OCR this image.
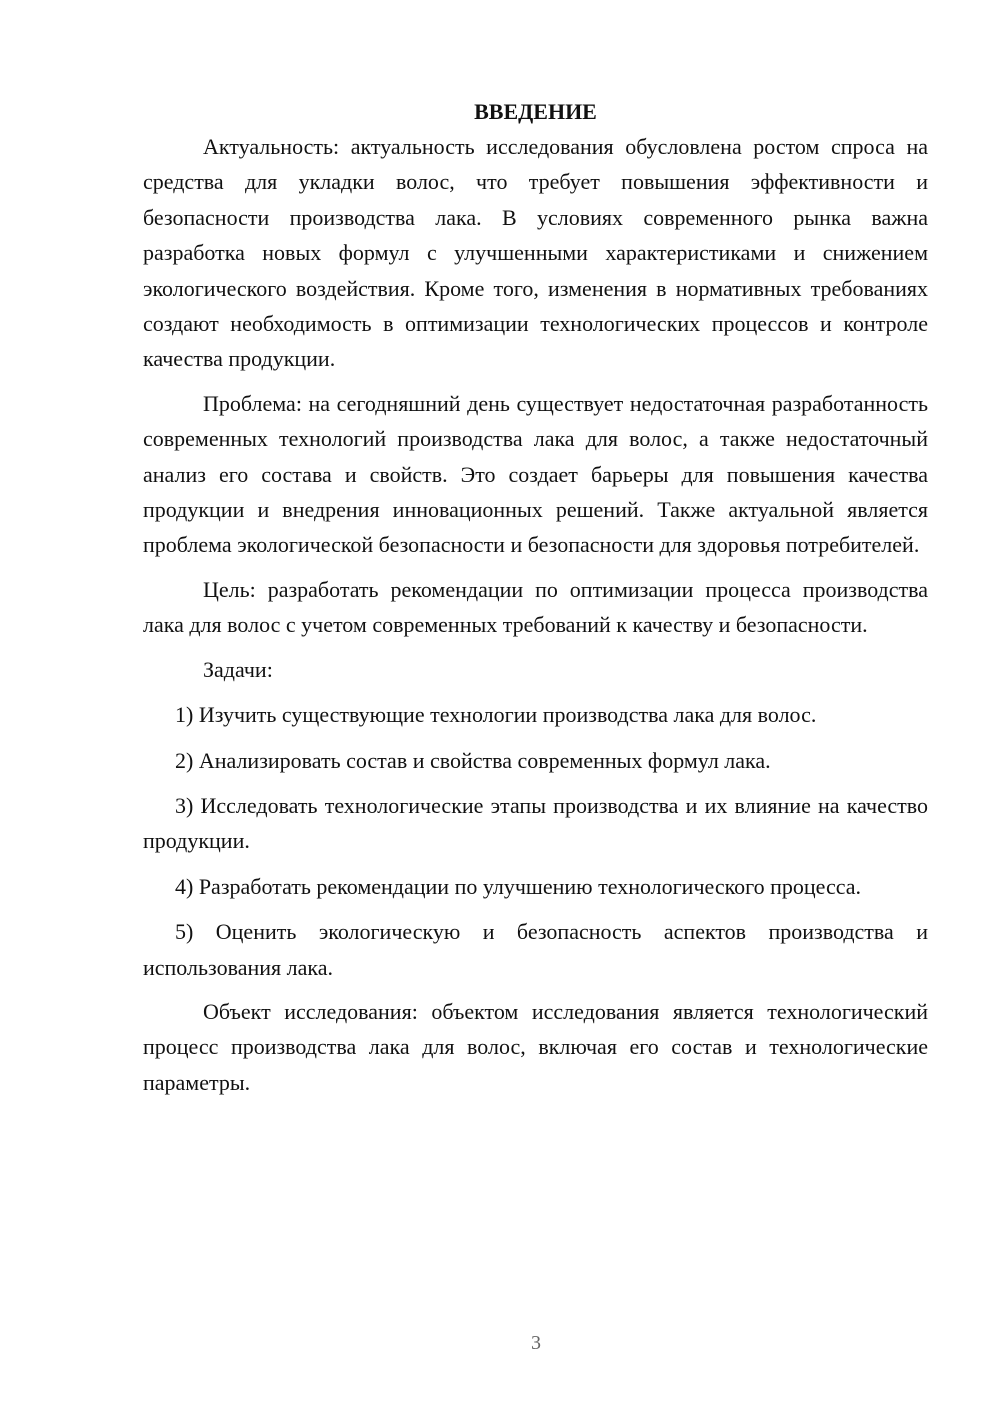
ВВЕДЕНИЕ

Актуальность: актуальность исследования обусловлена ростом спроса на средства для укладки волос, что требует повышения эффективности и безопасности производства лака. В условиях современного рынка важна разработка новых формул с улучшенными характеристиками и снижением экологического воздействия. Кроме того, изменения в нормативных требованиях создают необходимость в оптимизации технологических процессов и контроле качества продукции.

Проблема: на сегодняшний день существует недостаточная разработанность современных технологий производства лака для волос, а также недостаточный анализ его состава и свойств. Это создает барьеры для повышения качества продукции и внедрения инновационных решений. Также актуальной является проблема экологической безопасности и безопасности для здоровья потребителей.

Цель: разработать рекомендации по оптимизации процесса производства лака для волос с учетом современных требований к качеству и безопасности.

Задачи:

1) Изучить существующие технологии производства лака для волос.

2) Анализировать состав и свойства современных формул лака.

3) Исследовать технологические этапы производства и их влияние на качество продукции.

4) Разработать рекомендации по улучшению технологического процесса.

5) Оценить экологическую и безопасность аспектов производства и использования лака.

Объект исследования: объектом исследования является технологический процесс производства лака для волос, включая его состав и технологические параметры.

3
